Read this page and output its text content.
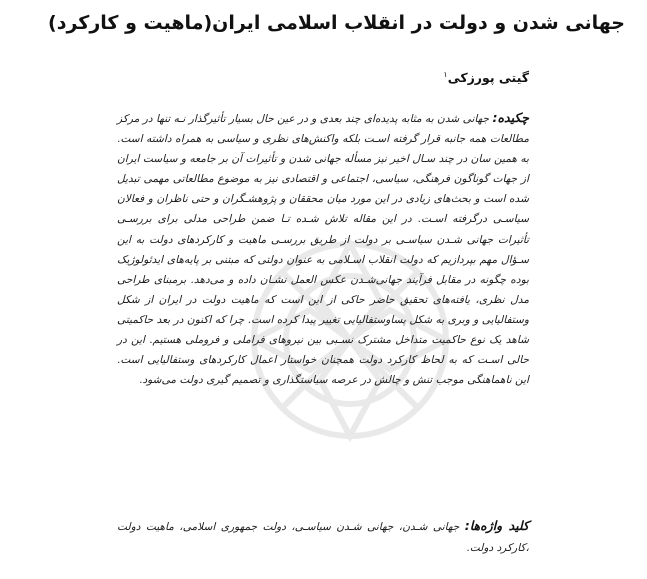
جهانی شدن و دولت در انقلاب اسلامی ایران(ماهیت و کارکرد)
گیتی پورزکی$^۱$

چکیده: جهانی شدن به مثابه پدیده‌ای چند بعدی و در عین حال بسیار تأثیرگذار نـه تنها در مرکز مطالعات همه جانبه قرار گرفته اسـت بلکه واکنش‌های نظری و سیاسی به همراه داشته است. به همین سان در چند سـال اخیر نیز مسأله جهانی شدن و تأثیرات آن بر جامعه و سیاست ایران از جهات گوناگون فرهنگی، سیاسی، اجتماعی و اقتصادی نیز به موضوع مطالعاتی مهمی تبدیل شده است و بحث‌های زیادی در این مورد میان محققان و پژوهشـگران و حتی ناظران و فعالان سیاسـی درگرفته اسـت. در این مقاله تلاش شـده تـا ضمن طراحی مدلی برای بررسـی تأثیرات جهانی شـدن سیاسـی بر دولت از طریق بررسـی ماهیت و کارکردهای دولت به این سـؤال مهم بپردازیم که دولت انقلاب اسـلامی به عنوان دولتی که مبتنی بر پایه‌های ایدئولوژیک بوده چگونه در مقابل فرآیند جهانی‌شـدن عکس العمل نشـان داده و می‌دهد. برمبنای طراحی مدل نظری، یافته‌های تحقیق حاضر حاکی از این است که ماهیت دولت در ایران از شکل وستفالیایی و وبری به شکل پساوستفالیایی تغییر پیدا کرده است. چرا که اکنون در بعد حاکمیتی شاهد یک نوع حاکمیت متداخل مشترک نسـبی بین نیروهای فراملی و فروملی هستیم. این در حالی اسـت که به لحاظ کارکرد دولت همچنان خواستار اعمال کارکردهای وستفالیایی است. این ناهماهنگی موجب تنش و چالش در عرصه سیاستگذاری و تصمیم گیری دولت می‌شود.

کلید واژه‌ها: جهانی شـدن، جهانی شـدن سیاسـی، دولت جمهوری اسلامی، ماهیت دولت ،کارکرد دولت.
